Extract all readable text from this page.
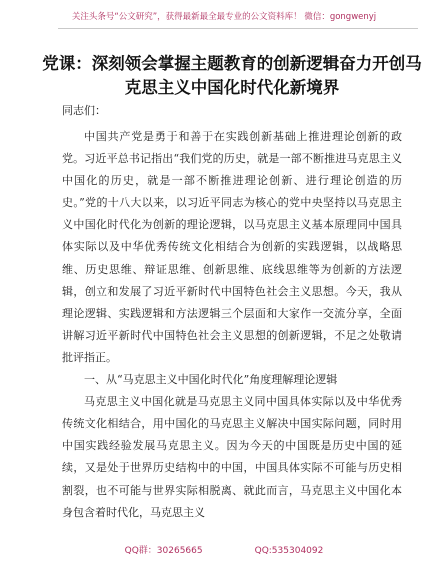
关注头条号“公文研究”，获得最新最全最专业的公文资料库！ 微信：gongwenyj
党课：深刻领会掌握主题教育的创新逻辑奋力开创马克思主义中国化时代化新境界
同志们：

中国共产党是勇于和善于在实践创新基础上推进理论创新的政党。习近平总书记指出“我们党的历史，就是一部不断推进马克思主义中国化的历史，就是一部不断推进理论创新、进行理论创造的历史。”党的十八大以来，以习近平同志为核心的党中央坚持以马克思主义中国化时代化为创新的理论逻辑，以马克思主义基本原理同中国具体实际以及中华优秀传统文化相结合为创新的实践逻辑，以战略思维、历史思维、辩证思维、创新思维、底线思维等为创新的方法逻辑，创立和发展了习近平新时代中国特色社会主义思想。今天，我从理论逻辑、实践逻辑和方法逻辑三个层面和大家作一交流分享，全面讲解习近平新时代中国特色社会主义思想的创新逻辑，不足之处敬请批评指正。

一、从“马克思主义中国化时代化”角度理解理论逻辑

马克思主义中国化就是马克思主义同中国具体实际以及中华优秀传统文化相结合，用中国化的马克思主义解决中国实际问题，同时用中国实践经验发展马克思主义。因为今天的中国既是历史中国的延续，又是处于世界历史结构中的中国，中国具体实际不可能与历史相割裂，也不可能与世界实际相脱离、就此而言，马克思主义中国化本身包含着时代化，马克思主义

QQ群：30265665	QQ:535304092
